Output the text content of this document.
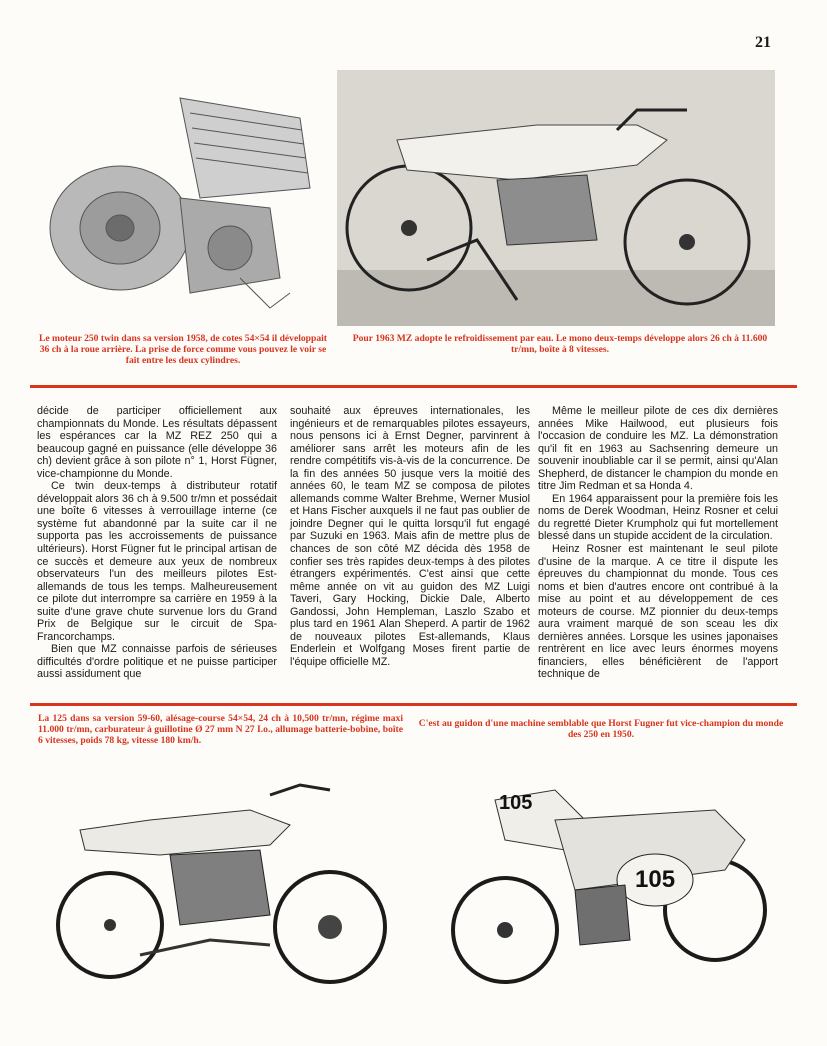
21
Le moteur 250 twin dans sa version 1958, de cotes 54×54 il développait 36 ch à la roue arrière. La prise de force comme vous pouvez le voir se fait entre les deux cylindres.
Pour 1963 MZ adopte le refroidissement par eau. Le mono deux-temps développe alors 26 ch à 11.600 tr/mn, boîte à 8 vitesses.

décide de participer officiellement aux championnats du Monde. Les résultats dépassent les espérances car la MZ REZ 250 qui a beaucoup gagné en puissance (elle développe 36 ch) devient grâce à son pilote n° 1, Horst Fügner, vice-championne du Monde.

Ce twin deux-temps à distributeur rotatif développait alors 36 ch à 9.500 tr/mn et possédait une boîte 6 vitesses à verrouillage interne (ce système fut abandonné par la suite car il ne supporta pas les accroissements de puissance ultérieurs). Horst Fügner fut le principal artisan de ce succès et demeure aux yeux de nombreux observateurs l'un des meilleurs pilotes Est-allemands de tous les temps. Malheureusement ce pilote dut interrompre sa carrière en 1959 à la suite d'une grave chute survenue lors du Grand Prix de Belgique sur le circuit de Spa-Francorchamps.

Bien que MZ connaisse parfois de sérieuses difficultés d'ordre politique et ne puisse participer aussi assidument que

souhaité aux épreuves internationales, les ingénieurs et de remarquables pilotes essayeurs, nous pensons ici à Ernst Degner, parvinrent à améliorer sans arrêt les moteurs afin de les rendre compétitifs vis-à-vis de la concurrence. De la fin des années 50 jusque vers la moitié des années 60, le team MZ se composa de pilotes allemands comme Walter Brehme, Werner Musiol et Hans Fischer auxquels il ne faut pas oublier de joindre Degner qui le quitta lorsqu'il fut engagé par Suzuki en 1963. Mais afin de mettre plus de chances de son côté MZ décida dès 1958 de confier ses très rapides deux-temps à des pilotes étrangers expérimentés. C'est ainsi que cette même année on vit au guidon des MZ Luigi Taveri, Gary Hocking, Dickie Dale, Alberto Gandossi, John Hempleman, Laszlo Szabo et plus tard en 1961 Alan Sheperd. A partir de 1962 de nouveaux pilotes Est-allemands, Klaus Enderlein et Wolfgang Moses firent partie de l'équipe officielle MZ.

Même le meilleur pilote de ces dix dernières années Mike Hailwood, eut plusieurs fois l'occasion de conduire les MZ. La démonstration qu'il fit en 1963 au Sachsenring demeure un souvenir inoubliable car il se permit, ainsi qu'Alan Shepherd, de distancer le champion du monde en titre Jim Redman et sa Honda 4.

En 1964 apparaissent pour la première fois les noms de Derek Woodman, Heinz Rosner et celui du regretté Dieter Krumpholz qui fut mortellement blessé dans un stupide accident de la circulation.

Heinz Rosner est maintenant le seul pilote d'usine de la marque. A ce titre il dispute les épreuves du championnat du monde. Tous ces noms et bien d'autres encore ont contribué à la mise au point et au développement de ces moteurs de course. MZ pionnier du deux-temps aura vraiment marqué de son sceau les dix dernières années. Lorsque les usines japonaises rentrèrent en lice avec leurs énormes moyens financiers, elles bénéficièrent de l'apport technique de

La 125 dans sa version 59-60, alésage-course 54×54, 24 ch à 10,500 tr/mn, régime maxi 11.000 tr/mn, carburateur à guillotine Ø 27 mm N 27 I.o., allumage batterie-bobine, boîte 6 vitesses, poids 78 kg, vitesse 180 km/h.
C'est au guidon d'une machine semblable que Horst Fugner fut vice-champion du monde des 250 en 1950.
105
105
